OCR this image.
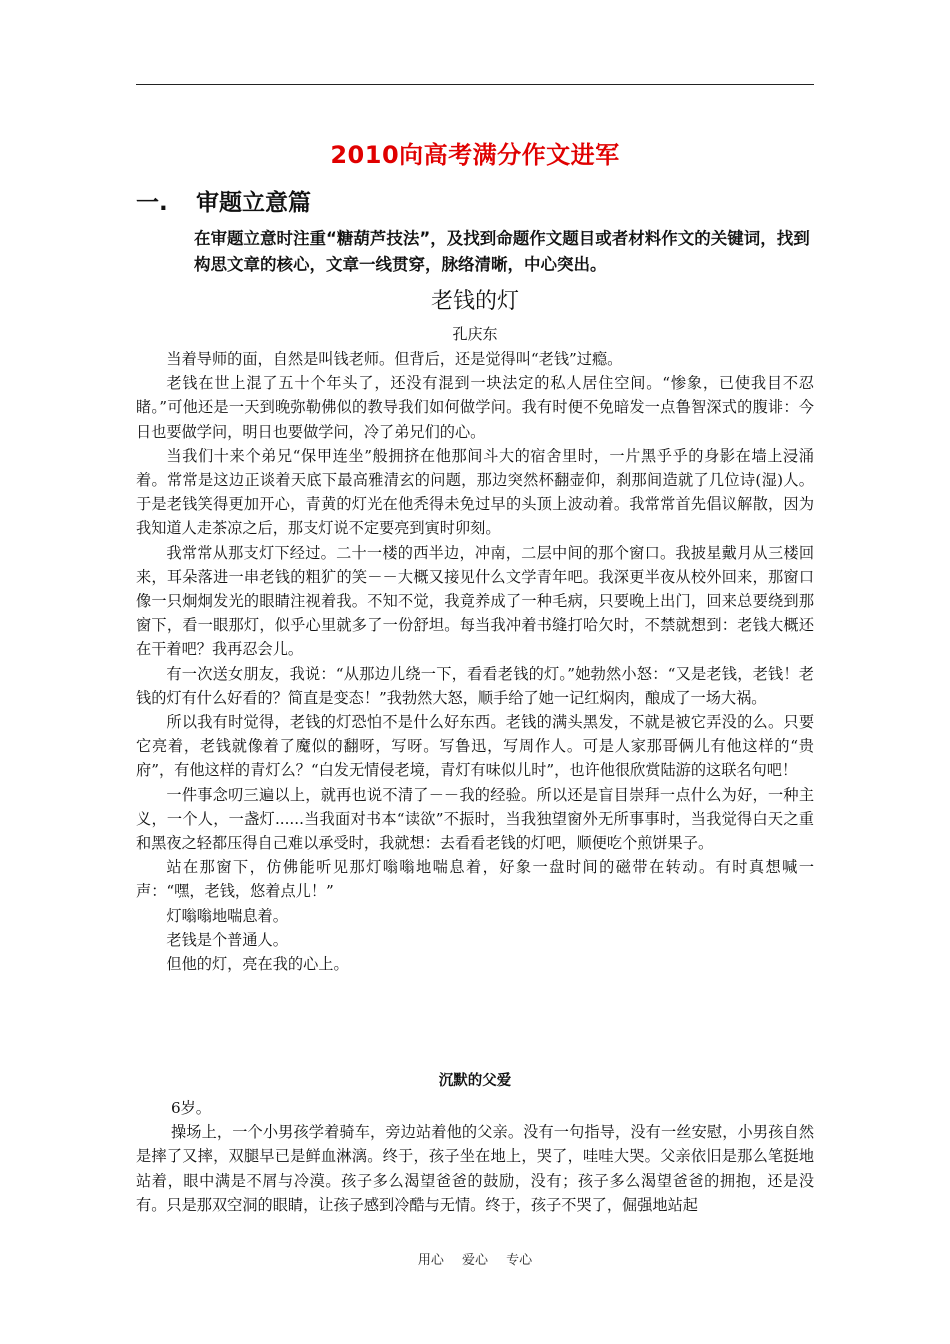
2010向高考满分作文进军
一. 审题立意篇
在审题立意时注重“糖葫芦技法”，及找到命题作文题目或者材料作文的关键词，找到构思文章的核心，文章一线贯穿，脉络清晰，中心突出。
老钱的灯
孔庆东

当着导师的面，自然是叫钱老师。但背后，还是觉得叫“老钱”过瘾。

老钱在世上混了五十个年头了，还没有混到一块法定的私人居住空间。“惨象，已使我目不忍睹。”可他还是一天到晚弥勒佛似的教导我们如何做学问。我有时便不免暗发一点鲁智深式的腹诽：今日也要做学问，明日也要做学问，冷了弟兄们的心。

当我们十来个弟兄“保甲连坐”般拥挤在他那间斗大的宿舍里时，一片黑乎乎的身影在墙上浸涌着。常常是这边正谈着天底下最高雅清玄的问题，那边突然杯翻壶仰，刹那间造就了几位诗(湿)人。于是老钱笑得更加开心，青黄的灯光在他秃得未免过早的头顶上波动着。我常常首先倡议解散，因为我知道人走茶凉之后，那支灯说不定要亮到寅时卯刻。

我常常从那支灯下经过。二十一楼的西半边，冲南，二层中间的那个窗口。我披星戴月从三楼回来，耳朵落进一串老钱的粗犷的笑－－大概又接见什么文学青年吧。我深更半夜从校外回来，那窗口像一只炯炯发光的眼睛注视着我。不知不觉，我竟养成了一种毛病，只要晚上出门，回来总要绕到那窗下，看一眼那灯，似乎心里就多了一份舒坦。每当我冲着书缝打哈欠时，不禁就想到：老钱大概还在干着吧？我再忍会儿。

有一次送女朋友，我说：“从那边儿绕一下，看看老钱的灯。”她勃然小怒：“又是老钱，老钱！老钱的灯有什么好看的？简直是变态！”我勃然大怒，顺手给了她一记红焖肉，酿成了一场大祸。

所以我有时觉得，老钱的灯恐怕不是什么好东西。老钱的满头黑发，不就是被它弄没的么。只要它亮着，老钱就像着了魔似的翻呀，写呀。写鲁迅，写周作人。可是人家那哥俩儿有他这样的“贵府”，有他这样的青灯么？“白发无情侵老境，青灯有味似儿时”，也许他很欣赏陆游的这联名句吧！

一件事念叨三遍以上，就再也说不清了－－我的经验。所以还是盲目崇拜一点什么为好，一种主义，一个人，一盏灯......当我面对书本“读欲”不振时，当我独望窗外无所事事时，当我觉得白天之重和黑夜之轻都压得自己难以承受时，我就想：去看看老钱的灯吧，顺便吃个煎饼果子。

站在那窗下，仿佛能听见那灯嗡嗡地喘息着，好象一盘时间的磁带在转动。有时真想喊一声：“嘿，老钱，悠着点儿！”

灯嗡嗡地喘息着。

老钱是个普通人。

但他的灯，亮在我的心上。

沉默的父爱

6岁。

操场上，一个小男孩学着骑车，旁边站着他的父亲。没有一句指导，没有一丝安慰，小男孩自然是摔了又摔，双腿早已是鲜血淋漓。终于，孩子坐在地上，哭了，哇哇大哭。父亲依旧是那么笔挺地站着，眼中满是不屑与冷漠。孩子多么渴望爸爸的鼓励，没有；孩子多么渴望爸爸的拥抱，还是没有。只是那双空洞的眼睛，让孩子感到冷酷与无情。终于，孩子不哭了，倔强地站起

用心 爱心 专心
